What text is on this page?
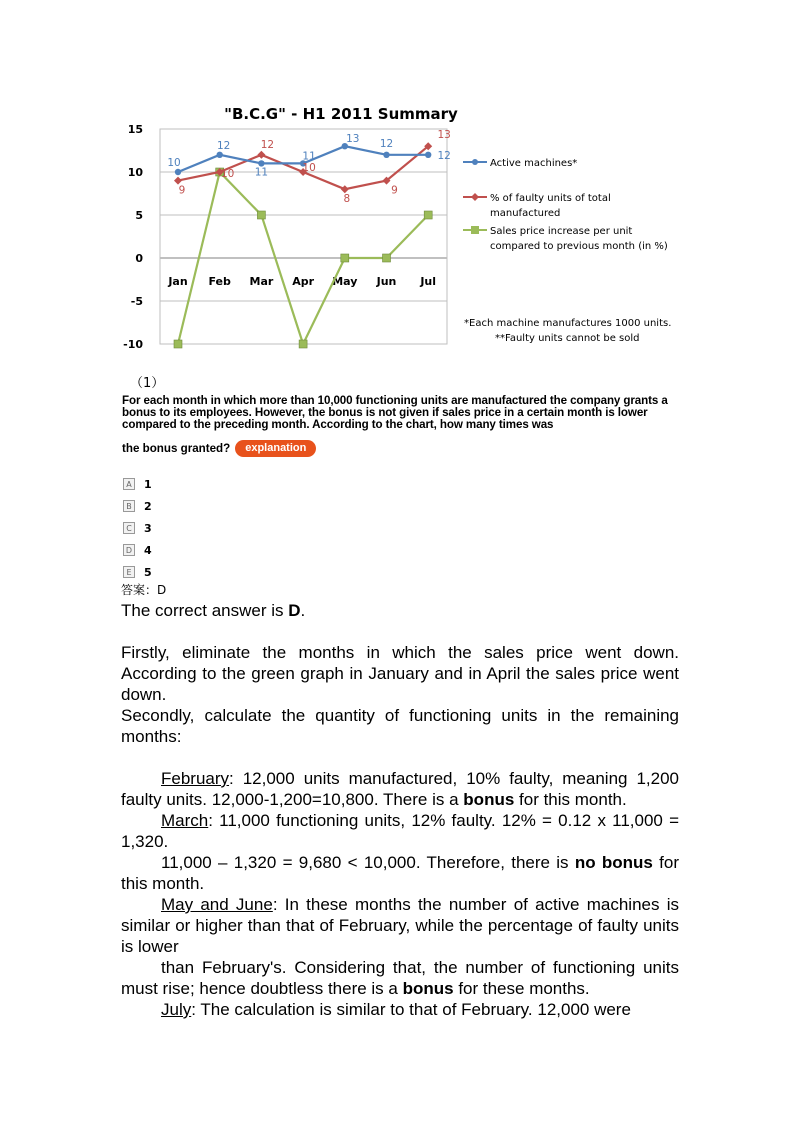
15
10
5
0
-5
-10
Jan Feb Mar Apr May Jun Jul
10
12
11
11
13 12
12
9
10
12
10
8
9
13
Active machines*
% of faulty units of total
manufactured
Sales price increase per unit
compared to previous month (in %)
"B.C.G" - H1 2011 Summary
*Each machine manufactures 1000 units.
**Faulty units cannot be sold
（1）
For each month in which more than 10,000 functioning units are manufactured the company grants a bonus to its employees. However, the bonus is not given if sales price in a certain month is lower compared to the preceding month. According to the chart, how many times was
the bonus granted?	explanation
A 1
B 2
C 3
D 4
E	5
答案：D

The correct answer is D.

Firstly, eliminate the months in which the sales price went down. According to the green graph in January and in April the sales price went down.

Secondly, calculate the quantity of functioning units in the remaining months:

February: 12,000 units manufactured, 10% faulty, meaning 1,200 faulty units. 12,000-1,200=10,800. There is a bonus for this month.

March: 11,000 functioning units, 12% faulty. 12% = 0.12 x 11,000 = 1,320.

11,000 – 1,320 = 9,680 < 10,000. Therefore, there is no bonus for this month.

May and June: In these months the number of active machines is similar or higher than that of February, while the percentage of faulty units is lower

than February's. Considering that, the number of functioning units must rise; hence doubtless there is a bonus for these months.

July: The calculation is similar to that of February. 12,000 were
